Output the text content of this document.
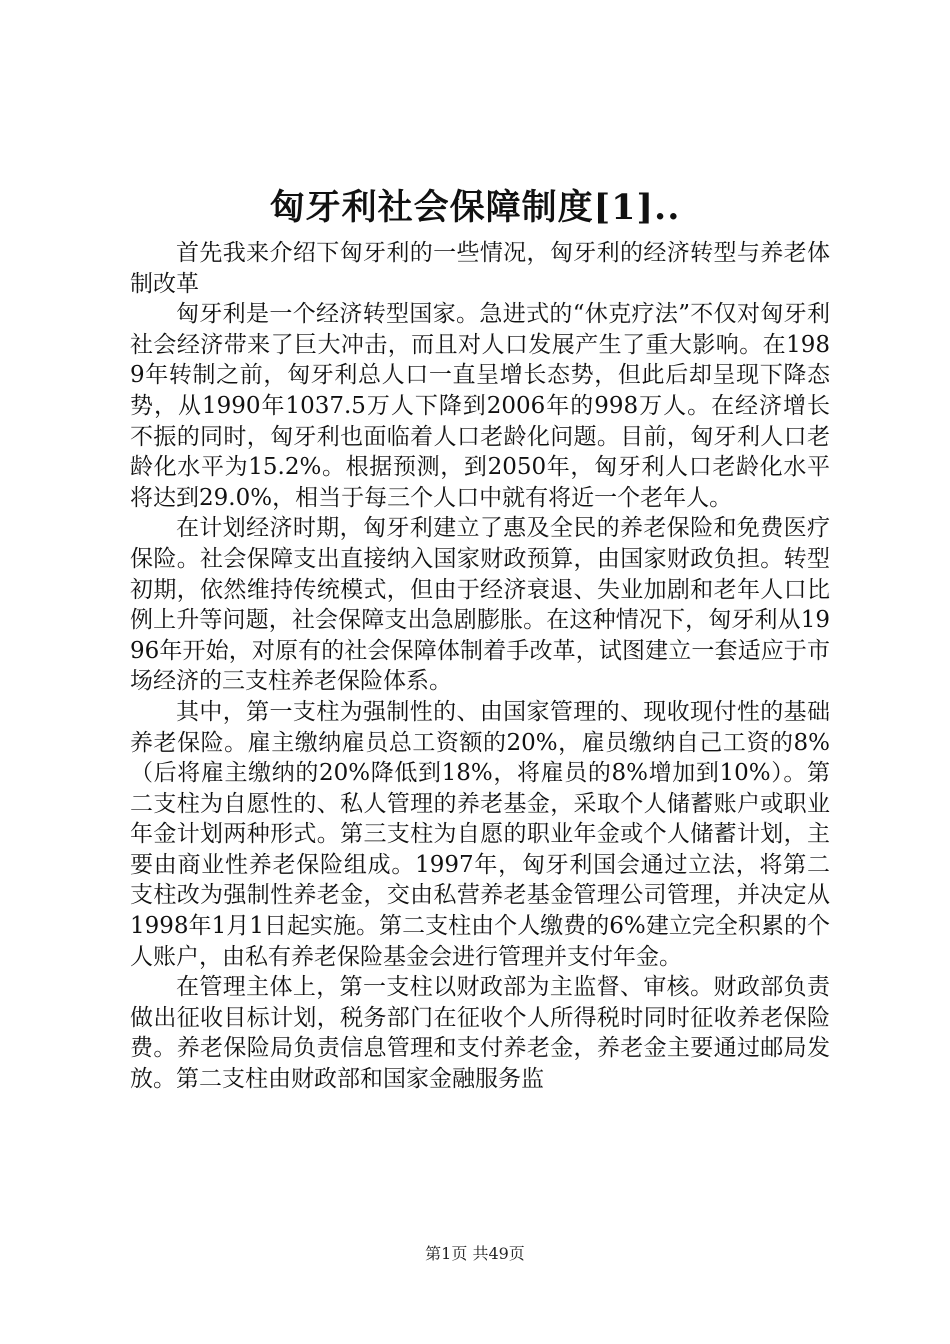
匈牙利社会保障制度[1]..

首先我来介绍下匈牙利的一些情况，匈牙利的经济转型与养老体制改革

匈牙利是一个经济转型国家。急进式的“休克疗法”不仅对匈牙利社会经济带来了巨大冲击，而且对人口发展产生了重大影响。在1989年转制之前，匈牙利总人口一直呈增长态势，但此后却呈现下降态势，从1990年1037.5万人下降到2006年的998万人。在经济增长不振的同时，匈牙利也面临着人口老龄化问题。目前，匈牙利人口老龄化水平为15.2%。根据预测，到2050年，匈牙利人口老龄化水平将达到29.0%，相当于每三个人口中就有将近一个老年人。

在计划经济时期，匈牙利建立了惠及全民的养老保险和免费医疗保险。社会保障支出直接纳入国家财政预算，由国家财政负担。转型初期，依然维持传统模式，但由于经济衰退、失业加剧和老年人口比例上升等问题，社会保障支出急剧膨胀。在这种情况下，匈牙利从1996年开始，对原有的社会保障体制着手改革，试图建立一套适应于市场经济的三支柱养老保险体系。

其中，第一支柱为强制性的、由国家管理的、现收现付性的基础养老保险。雇主缴纳雇员总工资额的20%，雇员缴纳自己工资的8%（后将雇主缴纳的20%降低到18%，将雇员的8%增加到10%）。第二支柱为自愿性的、私人管理的养老基金，采取个人储蓄账户或职业年金计划两种形式。第三支柱为自愿的职业年金或个人储蓄计划，主要由商业性养老保险组成。1997年，匈牙利国会通过立法，将第二支柱改为强制性养老金，交由私营养老基金管理公司管理，并决定从1998年1月1日起实施。第二支柱由个人缴费的6%建立完全积累的个人账户，由私有养老保险基金会进行管理并支付年金。

在管理主体上，第一支柱以财政部为主监督、审核。财政部负责做出征收目标计划，税务部门在征收个人所得税时同时征收养老保险费。养老保险局负责信息管理和支付养老金，养老金主要通过邮局发放。第二支柱由财政部和国家金融服务监

第1页 共49页
